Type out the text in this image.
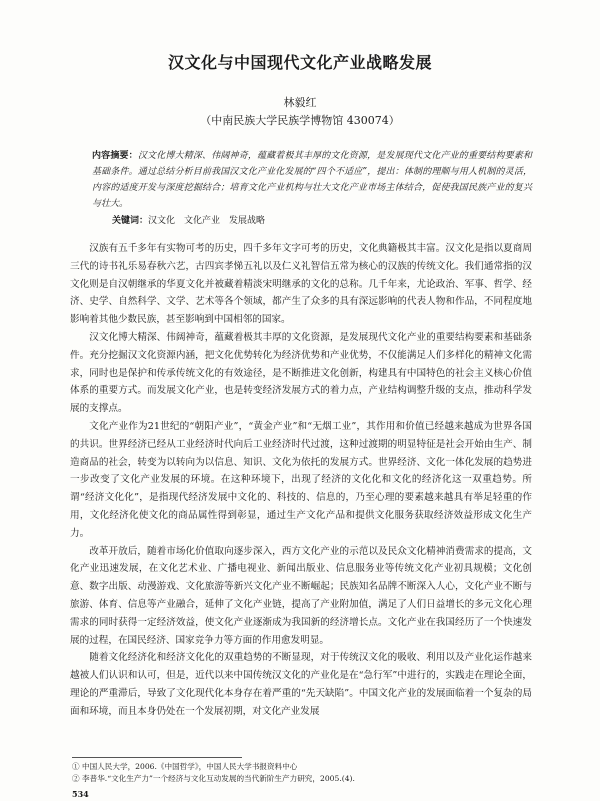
汉文化与中国现代文化产业战略发展
林毅红
（中南民族大学民族学博物馆 430074）
内容摘要：汉文化博大精深、伟阔神奇，蕴藏着极其丰厚的文化资源，是发展现代文化产业的重要结构要素和基础条件。通过总结分析目前我国汉文化产业化发展的“四个不适应”，提出：体制的理顺与用人机制的灵活，内容的适度开发与深度挖掘结合；培育文化产业机构与壮大文化产业市场主体结合，促使我国民族产业的复兴与壮大。
关键词：汉文化　文化产业　发展战略

汉族有五千多年有实物可考的历史，四千多年文字可考的历史，文化典籍极其丰富。汉文化是指以夏商周三代的诗书礼乐易春秋六艺，古四宾孝悌五礼以及仁义礼智信五常为核心的汉族的传统文化。我们通常指的汉文化则是自汉朝继承的华夏文化并被藏着精淡宋明继承的文化的总称。几千年来，尤论政治、军事、哲学、经济、史学、自然科学、文学、艺术等各个领域，都产生了众多的具有深远影响的代表人物和作品，不同程度地影响着其他少数民族，甚至影响到中国相邻的国家。

汉文化博大精深、伟阔神奇，蕴藏着极其丰厚的文化资源，是发展现代文化产业的重要结构要素和基础条件。充分挖掘汉文化资源内涵，把文化优势转化为经济优势和产业优势，不仅能满足人们多样化的精神文化需求，同时也是保护和传承传统文化的有效途径，是不断推进文化创新，构建具有中国特色的社会主义核心价值体系的重要方式。而发展文化产业，也是转变经济发展方式的着力点，产业结构调整升级的支点，推动科学发展的支撑点。

文化产业作为21世纪的“朝阳产业”，“黄金产业”和“无烟工业”，其作用和价值已经越来越成为世界各国的共识。世界经济已经从工业经济时代向后工业经济时代过渡，这种过渡期的明显特征是社会开始由生产、制造商品的社会，转变为以转向为以信息、知识、文化为依托的发展方式。世界经济、文化一体化发展的趋势进一步改变了文化产业发展的环境。在这种环境下，出现了经济的文化化和文化的经济化这一双重趋势。所谓“经济文化化”，是指现代经济发展中文化的、科技的、信息的，乃至心理的要素越来越具有举足轻重的作用，文化经济化使文化的商品属性得到彰显，通过生产文化产品和提供文化服务获取经济效益形成文化生产力。

改革开放后，随着市场化价值取向逐步深入，西方文化产业的示范以及民众文化精神消费需求的提高，文化产业迅速发展，在文化艺术业、广播电视业、新闻出版业、信息服务业等传统文化产业初具规模；文化创意、数字出版、动漫游戏、文化旅游等新兴文化产业不断崛起；民族知名品牌不断深入人心，文化产业不断与旅游、体育、信息等产业融合，延伸了文化产业链，提高了产业附加值，满足了人们日益增长的多元文化心理需求的同时获得一定经济效益，使文化产业逐渐成为我国新的经济增长点。文化产业在我国经历了一个快速发展的过程，在国民经济、国家竞争力等方面的作用愈发明显。

随着文化经济化和经济文化化的双重趋势的不断显现，对于传统汉文化的吸收、利用以及产业化运作越来越被人们认识和认可，但是，近代以来中国传统汉文化的产业化是在“急行军”中进行的，实践走在理论全面，理论的严重滞后，导致了文化现代化本身存在着严重的“先天缺陷”。中国文化产业的发展面临着一个复杂的局面和环境，而且本身仍处在一个发展初期，对文化产业发展

① 中国人民大学，2006.《中国哲学》，中国人民大学书报资料中心
② 李普华.“文化生产力”一个经济与文化互动发展的当代新阶生产力研究，2005.(4).
534
